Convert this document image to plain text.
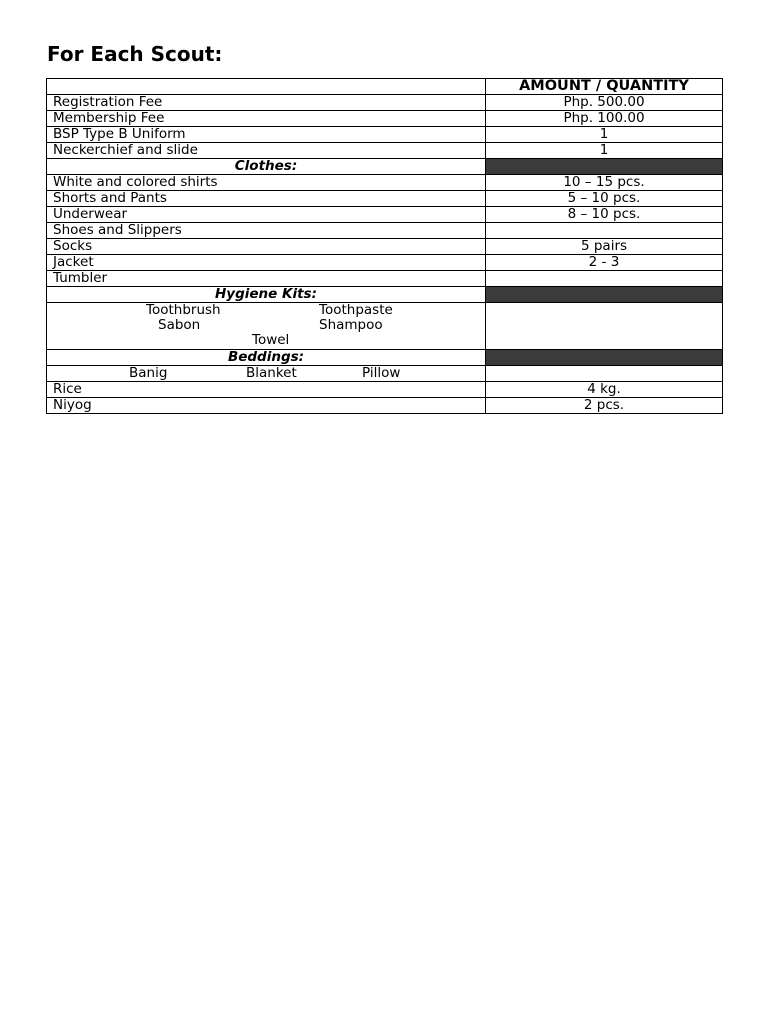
For Each Scout:
	AMOUNT / QUANTITY
Registration Fee	Php. 500.00
Membership Fee	Php. 100.00
BSP Type B Uniform	1
Neckerchief and slide	1
Clothes:	
White and colored shirts	10 – 15 pcs.
Shorts and Pants	5 – 10 pcs.
Underwear	8 – 10 pcs.
Shoes and Slippers	
Socks	5 pairs
Jacket	2 - 3
Tumbler	
Hygiene Kits:	

Toothbrush Toothpaste
Sabon Shampoo
Towel	

Beddings:	

Banig Blanket Pillow	

Rice	4 kg.
Niyog	2 pcs.
